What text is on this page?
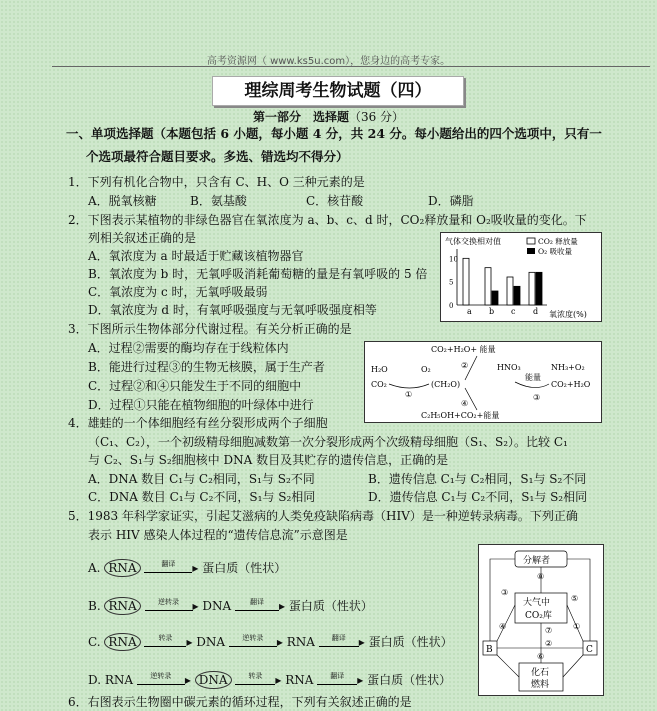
高考资源网（ www.ks5u.com），您身边的高考专家。
理综周考生物试题（四）
第一部分　选择题（36 分）
一、单项选择题（本题包括 6 小题，每小题 4 分，共 24 分。每小题给出的四个选项中，只有一
个选项最符合题目要求。多选、错选均不得分）
1．下列有机化合物中，只含有 C、H、O 三种元素的是
A．脱氧核糖	B．氨基酸	C．核苷酸	D．磷脂
2．下图表示某植物的非绿色器官在氧浓度为 a、b、c、d 时，CO₂释放量和 O₂吸收量的变化。下
列相关叙述正确的是
A．氧浓度为 a 时最适于贮藏该植物器官
B．氧浓度为 b 时，无氧呼吸消耗葡萄糖的量是有氧呼吸的 5 倍
C．氧浓度为 c 时，无氧呼吸最弱
D．氧浓度为 d 时，有氧呼吸强度与无氧呼吸强度相等
气体交换相对值	CO₂ 释放量
O₂ 吸收量
0
5
10
a b c d 氧浓度(%)
3．下图所示生物体部分代谢过程。有关分析正确的是
A．过程②需要的酶均存在于线粒体内
B．能进行过程③的生物无核膜，属于生产者
C．过程②和④只能发生于不同的细胞中
D．过程①只能在植物细胞的叶绿体中进行
CO₂+H₂O+ 能量
H₂O
CO₂
O₂
(CH₂O)
①
②
④
C₂H₅OH+CO₂+能量
HNO₃	NH₃+O₂
能量
③
CO₂+H₂O
4．雄蛙的一个体细胞经有丝分裂形成两个子细胞
（C₁、C₂），一个初级精母细胞减数第一次分裂形成两个次级精母细胞（S₁、S₂）。比较 C₁
与 C₂、S₁与 S₂细胞核中 DNA 数目及其贮存的遗传信息，正确的是
A．DNA 数目 C₁与 C₂相同，S₁与 S₂不同	B．遗传信息 C₁与 C₂相同，S₁与 S₂不同
C．DNA 数目 C₁与 C₂不同，S₁与 S₂相同	D．遗传信息 C₁与 C₂不同，S₁与 S₂相同
5．1983 年科学家证实，引起艾滋病的人类免疫缺陷病毒（HIV）是一种逆转录病毒。下列正确
表示 HIV 感染人体过程的“遗传信息流”示意图是
A. RNA	翻译 ▸ 蛋白质（性状）
B. RNA	逆转录 ▸ DNA	翻译 ▸ 蛋白质（性状）
C. RNA	转录 ▸ DNA 逆转录 ▸ RNA 翻译 ▸ 蛋白质（性状）
D. RNA 逆转录 ▸ DNA	转录 ▸ RNA 翻译 ▸ 蛋白质（性状）
分解者
大气中
CO₂库
B	C
化石
燃料
⑧
③
⑤
④	①
⑦
②
⑥
6．右图表示生物圈中碳元素的循环过程，下列有关叙述正确的是
